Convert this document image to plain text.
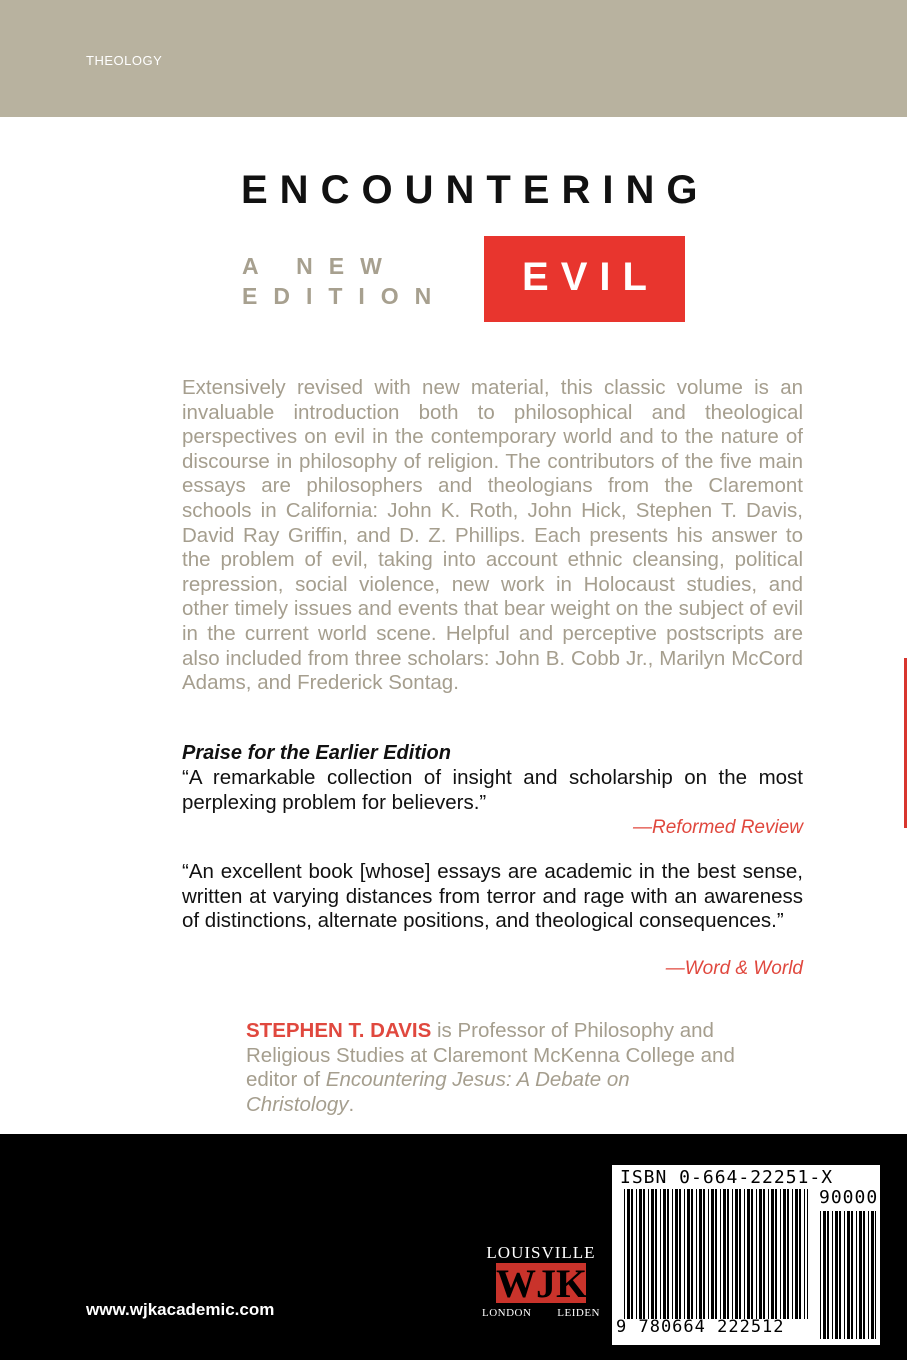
THEOLOGY
ENCOUNTERING
A NEW
EDITION	EVIL
Extensively revised with new material, this classic volume is an invaluable introduction both to philosophical and theological perspectives on evil in the contemporary world and to the nature of discourse in philosophy of religion. The contributors of the five main essays are philosophers and theologians from the Claremont schools in California: John K. Roth, John Hick, Stephen T. Davis, David Ray Griffin, and D. Z. Phillips. Each presents his answer to the problem of evil, taking into account ethnic cleansing, political repression, social violence, new work in Holocaust studies, and other timely issues and events that bear weight on the subject of evil in the current world scene. Helpful and perceptive postscripts are also included from three scholars: John B. Cobb Jr., Marilyn McCord Adams, and Frederick Sontag.
Praise for the Earlier Edition
“A remarkable collection of insight and scholarship on the most perplexing problem for believers.”
—Reformed Review
“An excellent book [whose] essays are academic in the best sense, written at varying distances from terror and rage with an awareness of distinctions, alternate positions, and theological consequences.”
—Word & World
STEPHEN T. DAVIS is Professor of Philosophy and Religious Studies at Claremont McKenna College and editor of Encountering Jesus: A Debate on Christology.
www.wjkacademic.com
LOUISVILLE
WJK
LONDON LEIDEN
ISBN 0-664-22251-X
90000
9 780664 222512
